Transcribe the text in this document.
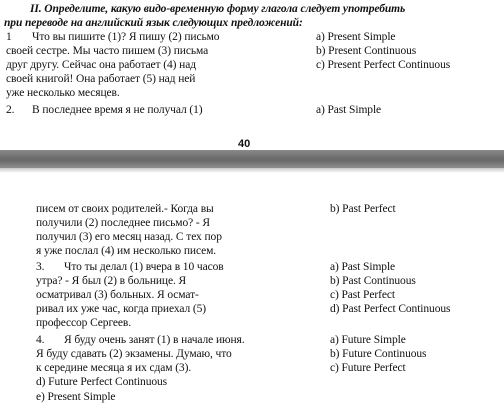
II. Определите, какую видо-временную форму глагола следует употребить
при переводе на английский язык следующих предложений:
1 Что вы пишите (1)? Я пишу (2) письмо
своей сестре. Мы часто пишем (3) письма
друг другу. Сейчас она работает (4) над
своей книгой! Она работает (5) над ней
уже несколько месяцев.
a) Present Simple
b) Present Continuous
c) Present Perfect Continuous
2. В последнее время я не получал (1)	a) Past Simple
40
писем от своих родителей.- Когда вы
получили (2) последнее письмо? - Я
получил (3) его месяц назад. С тех пор
я уже послал (4) им несколько писем.
b) Past Perfect
3. Что ты делал (1) вчера в 10 часов
утра? - Я был (2) в больнице. Я
осматривал (3) больных. Я осмат-
ривал их уже час, когда приехал (5)
профессор Сергеев.
a) Past Simple
b) Past Continuous
c) Past Perfect
d) Past Perfect Continuous
4. Я буду очень занят (1) в начале июня.
Я буду сдавать (2) экзамены. Думаю, что
к середине месяца я их сдам (3).
d) Future Perfect Continuous
e) Present Simple
a) Future Simple
b) Future Continuous
c) Future Perfect
